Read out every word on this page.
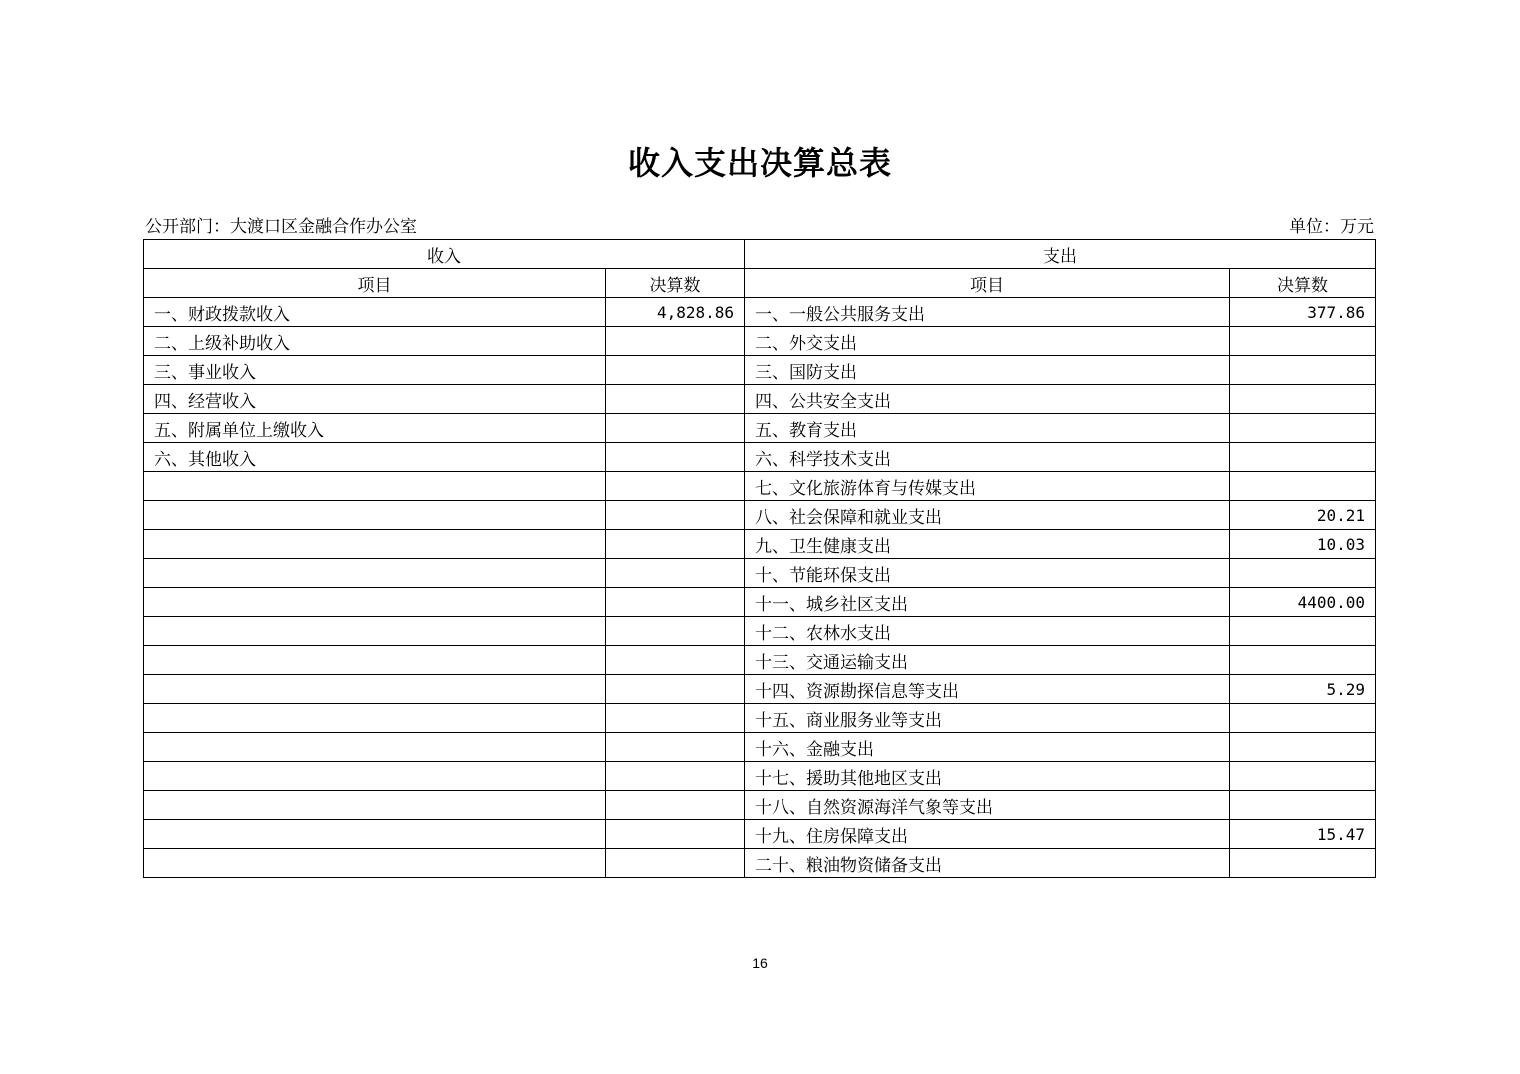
收入支出决算总表
公开部门：大渡口区金融合作办公室	单位：万元
收入		支出	
项目	决算数	项目	决算数
一、财政拨款收入	4,828.86	一、一般公共服务支出	377.86
二、上级补助收入		二、外交支出	
三、事业收入		三、国防支出	
四、经营收入		四、公共安全支出	
五、附属单位上缴收入		五、教育支出	
六、其他收入		六、科学技术支出	
		七、文化旅游体育与传媒支出	
		八、社会保障和就业支出	20.21
		九、卫生健康支出	10.03
		十、节能环保支出	
		十一、城乡社区支出	4400.00
		十二、农林水支出	
		十三、交通运输支出	
		十四、资源勘探信息等支出	5.29
		十五、商业服务业等支出	
		十六、金融支出	
		十七、援助其他地区支出	
		十八、自然资源海洋气象等支出	
		十九、住房保障支出	15.47
		二十、粮油物资储备支出	
16
